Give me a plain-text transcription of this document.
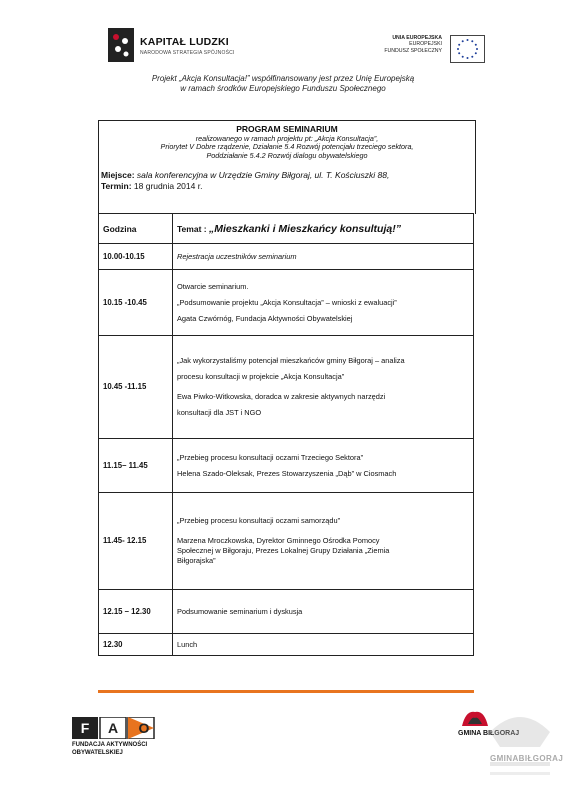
KAPITAŁ LUDZKI
NARODOWA STRATEGIA SPÓJNOŚCI
UNIA EUROPEJSKA
EUROPEJSKI
FUNDUSZ SPOŁECZNY
Projekt „Akcja Konsultacja!” współfinansowany jest przez Unię Europejską
w ramach środków Europejskiego Funduszu Społecznego
PROGRAM SEMINARIUM
realizowanego w ramach projektu pt: „Akcja Konsultacja”,
Priorytet V Dobre rządzenie, Działanie 5.4 Rozwój potencjału trzeciego sektora,
Poddziałanie 5.4.2 Rozwój dialogu obywatelskiego
Miejsce: sala konferencyjna w Urzędzie Gminy Biłgoraj, ul. T. Kościuszki 88,
Termin: 18 grudnia 2014 r.
Godzina	Temat : „Mieszkanki i Mieszkańcy konsultują!”
10.00-10.15	Rejestracja uczestników seminarium

10.15 -10.45	Otwarcie seminarium.
„Podsumowanie projektu „Akcja Konsultacja” – wnioski z ewaluacji”
Agata Czwórnóg, Fundacja Aktywności Obywatelskiej

10.45 -11.15	„Jak wykorzystaliśmy potencjał mieszkańców gminy Biłgoraj – analiza
procesu konsultacji w projekcie „Akcja Konsultacja”
Ewa Piwko-Witkowska, doradca w zakresie aktywnych narzędzi
konsultacji dla JST i NGO

11.15– 11.45	„Przebieg procesu konsultacji oczami Trzeciego Sektora”
Helena Szado-Oleksak, Prezes Stowarzyszenia „Dąb” w Ciosmach

11.45- 12.15	„Przebieg procesu konsultacji oczami samorządu”
Marzena Mroczkowska, Dyrektor Gminnego Ośrodka Pomocy
Społecznej w Biłgoraju, Prezes Lokalnej Grupy Działania „Ziemia
Biłgorajska”

12.15 – 12.30	Podsumowanie seminarium i dyskusja

12.30	Lunch
F A O
FUNDACJA AKTYWNOŚCI
OBYWATELSKIEJ
GMINA BIŁGORAJ
GMINABIŁGORAJ
